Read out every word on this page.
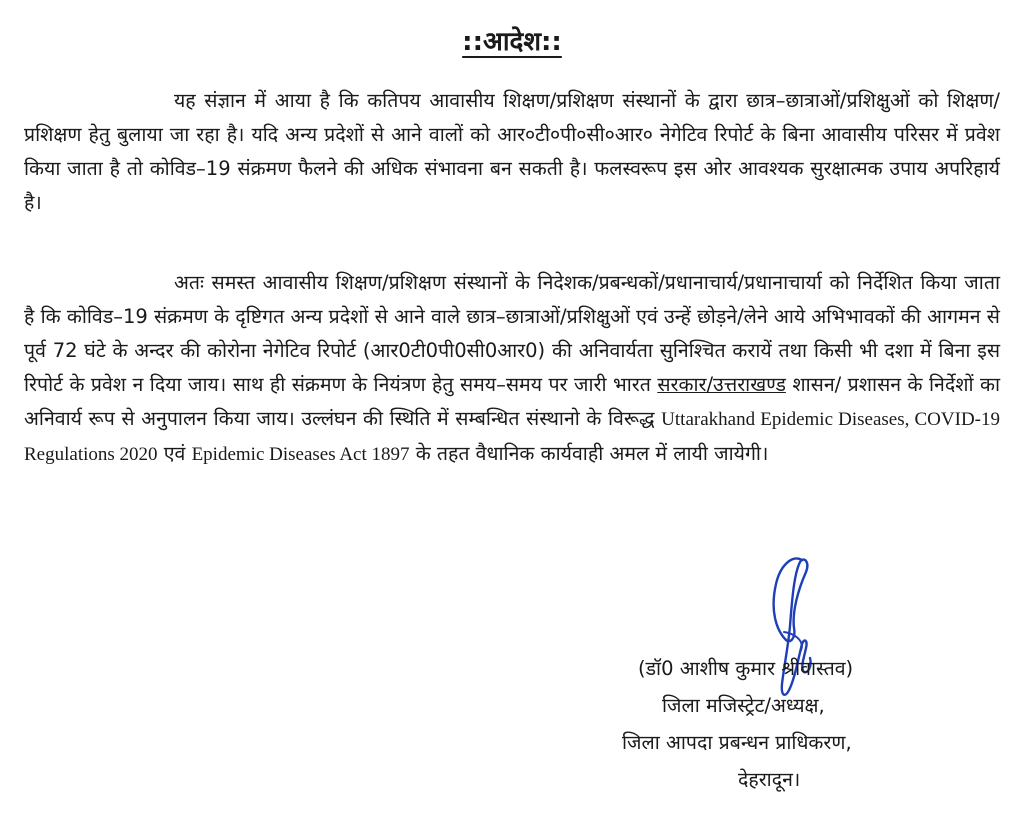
::आदेश::

यह संज्ञान में आया है कि कतिपय आवासीय शिक्षण/प्रशिक्षण संस्थानों के द्वारा छात्र–छात्राओं/प्रशिक्षुओं को शिक्षण/प्रशिक्षण हेतु बुलाया जा रहा है। यदि अन्य प्रदेशों से आने वालों को आर०टी०पी०सी०आर० नेगेटिव रिपोर्ट के बिना आवासीय परिसर में प्रवेश किया जाता है तो कोविड–19 संक्रमण फैलने की अधिक संभावना बन सकती है। फलस्वरूप इस ओर आवश्यक सुरक्षात्मक उपाय अपरिहार्य है।

अतः समस्त आवासीय शिक्षण/प्रशिक्षण संस्थानों के निदेशक/प्रबन्धकों/प्रधानाचार्य/प्रधानाचार्या को निर्देशित किया जाता है कि कोविड–19 संक्रमण के दृष्टिगत अन्य प्रदेशों से आने वाले छात्र–छात्राओं/प्रशिक्षुओं एवं उन्हें छोड़ने/लेने आये अभिभावकों की आगमन से पूर्व 72 घंटे के अन्दर की कोरोना नेगेटिव रिपोर्ट (आर0टी0पी0सी0आर0) की अनिवार्यता सुनिश्चित करायें तथा किसी भी दशा में बिना इस रिपोर्ट के प्रवेश न दिया जाय। साथ ही संक्रमण के नियंत्रण हेतु समय–समय पर जारी भारत सरकार/उत्तराखण्ड शासन/ प्रशासन के निर्देशों का अनिवार्य रूप से अनुपालन किया जाय। उल्लंघन की स्थिति में सम्बन्धित संस्थानो के विरूद्ध Uttarakhand Epidemic Diseases, COVID-19 Regulations 2020 एवं Epidemic Diseases Act 1897 के तहत वैधानिक कार्यवाही अमल में लायी जायेगी।

(डॉ0 आशीष कुमार श्रीवास्तव)
जिला मजिस्ट्रेट/अध्यक्ष,
जिला आपदा प्रबन्धन प्राधिकरण,
देहरादून।
